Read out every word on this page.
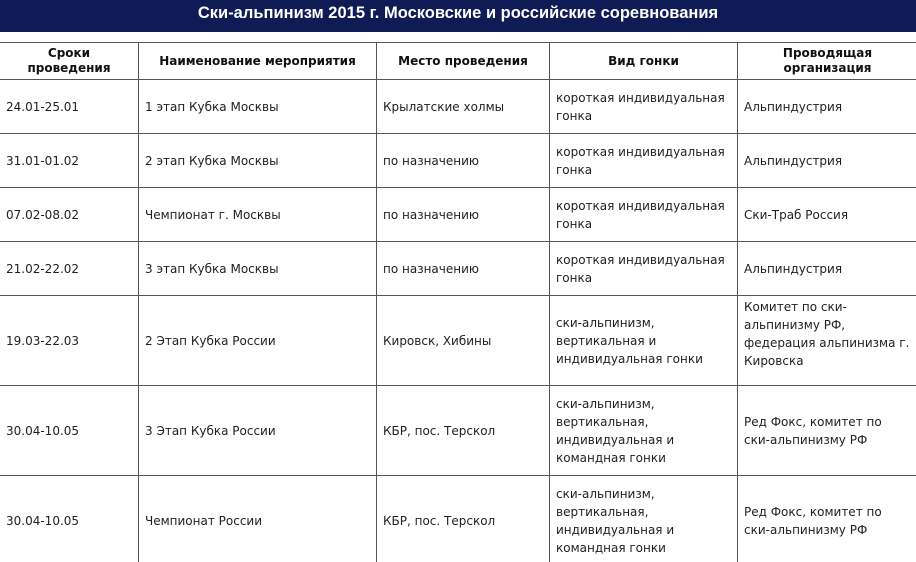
Ски-альпинизм 2015 г. Московские и российские соревнования
Сроки проведения	Наименование мероприятия	Место проведения	Вид гонки	Проводящая организация
24.01-25.01	1 этап Кубка Москвы	Крылатские холмы	короткая индивидуальная гонка	Альпиндустрия
31.01-01.02	2 этап Кубка Москвы	по назначению	короткая индивидуальная гонка	Альпиндустрия
07.02-08.02	Чемпионат г. Москвы	по назначению	короткая индивидуальная гонка	Ски-Траб Россия
21.02-22.02	3 этап Кубка Москвы	по назначению	короткая индивидуальная гонка	Альпиндустрия
19.03-22.03	2 Этап Кубка России	Кировск, Хибины	ски-альпинизм, вертикальная и индивидуальная гонки	Комитет по ски-альпинизму РФ, федерация альпинизма г. Кировска
30.04-10.05	3 Этап Кубка России	КБР, пос. Терскол	ски-альпинизм, вертикальная, индивидуальная и командная гонки	Ред Фокс, комитет по ски-альпинизму РФ
30.04-10.05	Чемпионат России	КБР, пос. Терскол	ски-альпинизм, вертикальная, индивидуальная и командная гонки	Ред Фокс, комитет по ски-альпинизму РФ
